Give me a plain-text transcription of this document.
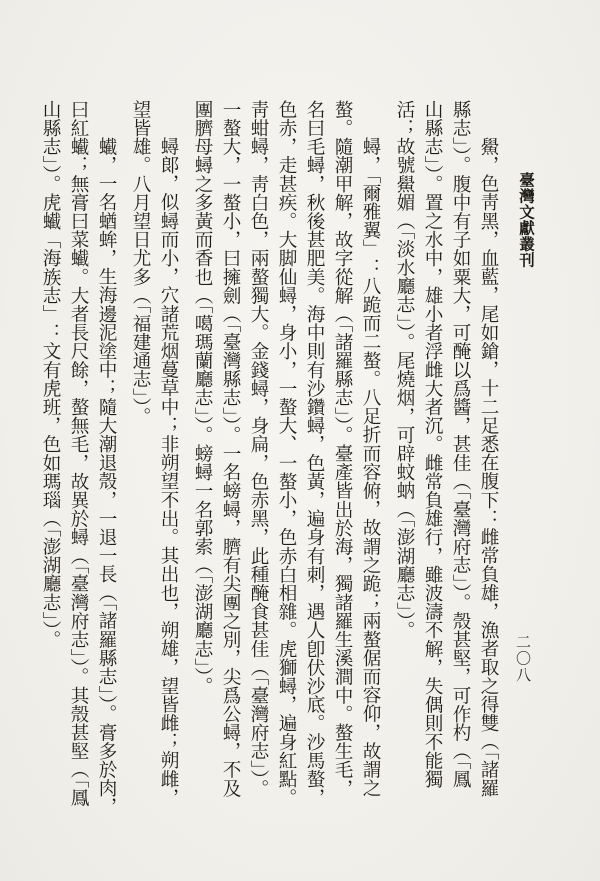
臺灣文獻叢刊
二〇八
鱟，色靑黑，血藍，尾如鎗，十二足悉在腹下：雌常負雄，漁者取之得雙（「諸羅
縣志」）。腹中有子如粟大，可醃以爲醬，甚佳（「臺灣府志」）。殼甚堅，可作杓（「鳳
山縣志」）。置之水中，雄小者浮雌大者沉。雌常負雄行，雖波濤不解，失偶則不能獨
活；故號鱟媚（「淡水廳志」）。尾燒烟，可辟蚊蚋（「澎湖廳志」）。
蟳，「爾雅翼」：八跪而二螯。八足折而容俯，故謂之跪；兩螯倨而容仰，故謂之
螯。隨潮甲解，故字從解（「諸羅縣志」）。臺產皆出於海，獨諸羅生溪澗中。螯生毛，
名曰毛蟳，秋後甚肥美。海中則有沙鑽蟳，色黃，遍身有刺，遇人卽伏沙底。沙馬螯，
色赤，走甚疾。大脚仙蟳，身小，一螯大、一螯小，色赤白相雜。虎獅蟳，遍身紅點。
靑蚶蟳，靑白色，兩螯獨大。金錢蟳，身扁，色赤黑，此種醃食甚佳（「臺灣府志」）。
一螯大，一螯小，曰擁劍（「臺灣縣志」）。一名螃蟳，臍有尖團之別，尖爲公蟳，不及
團臍母蟳之多黃而香也（「噶瑪蘭廳志」）。螃蟳一名郭索（「澎湖廳志」）。
蟳郞，似蟳而小，穴諸荒烟蔓草中；非朔望不出。其出也，朔雄，望皆雌；朔雌，
望皆雄。八月望日尤多（「福建通志」）。
蠘，一名蝤蛑，生海邊泥塗中；隨大潮退殼，一退一長（「諸羅縣志」）。膏多於肉，
曰紅蠘；無膏曰菜蠘。大者長尺餘，螯無毛，故異於蟳（「臺灣府志」）。其殼甚堅（「鳳
山縣志」）。虎蠘「海族志」：文有虎班，色如瑪瑙（「澎湖廳志」）。
